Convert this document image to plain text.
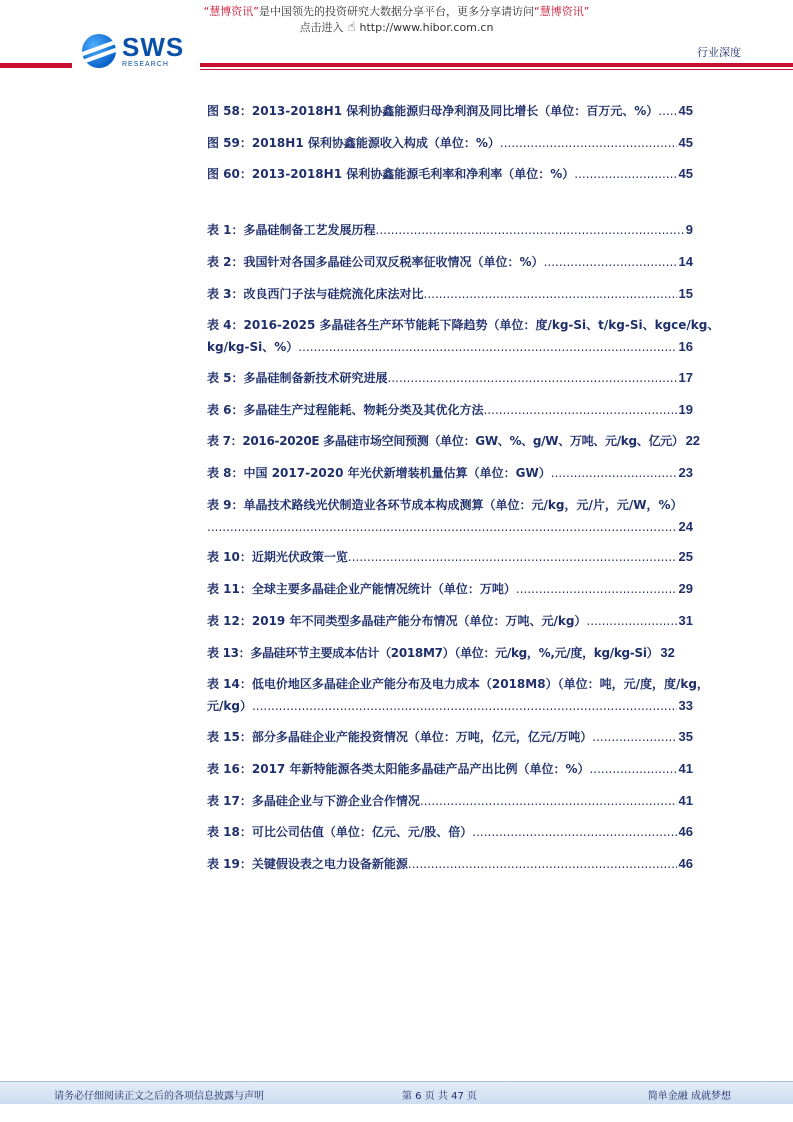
“慧博资讯”是中国领先的投资研究大数据分享平台，更多分享请访问“慧博资讯”
点击进入 ☝ http://www.hibor.com.cn
SWS
RESEARCH
行业深度
图 58：2013-2018H1 保利协鑫能源归母净利润及同比增长（单位：百万元、%） ..... 45
图 59：2018H1 保利协鑫能源收入构成（单位：%） .....	45
图 60：2013-2018H1 保利协鑫能源毛利率和净利率（单位：%） .....	45
表 1：多晶硅制备工艺发展历程 .....	9
表 2：我国针对各国多晶硅公司双反税率征收情况（单位：%） .....	14
表 3：改良西门子法与硅烷流化床法对比 .....	15
表 4：2016-2025 多晶硅各生产环节能耗下降趋势（单位：度/kg-Si、t/kg-Si、kgce/kg、
kg/kg-Si、%） .....	16
表 5：多晶硅制备新技术研究进展 .....	17
表 6：多晶硅生产过程能耗、物耗分类及其优化方法 .....	19
表 7：2016-2020E 多晶硅市场空间预测（单位：GW、%、g/W、万吨、元/kg、亿元） 22
表 8：中国 2017-2020 年光伏新增装机量估算（单位：GW） .....	23
表 9：单晶技术路线光伏制造业各环节成本构成测算（单位：元/kg，元/片，元/W，%）
.....
24
表 10：近期光伏政策一览 .....	25
表 11：全球主要多晶硅企业产能情况统计（单位：万吨） .....	29
表 12：2019 年不同类型多晶硅产能分布情况（单位：万吨、元/kg） .....	31
表 13：多晶硅环节主要成本估计（2018M7）（单位：元/kg，%,元/度，kg/kg-Si） 32
表 14：低电价地区多晶硅企业产能分布及电力成本（2018M8）（单位：吨，元/度，度/kg，
元/kg） .....	33
表 15：部分多晶硅企业产能投资情况（单位：万吨，亿元，亿元/万吨） .....	35
表 16：2017 年新特能源各类太阳能多晶硅产品产出比例（单位：%） .....	41
表 17：多晶硅企业与下游企业合作情况 .....	41
表 18：可比公司估值（单位：亿元、元/股、倍） .....	46
表 19：关键假设表之电力设备新能源 .....	46
请务必仔细阅读正文之后的各项信息披露与声明	第 6 页 共 47 页	简单金融 成就梦想
